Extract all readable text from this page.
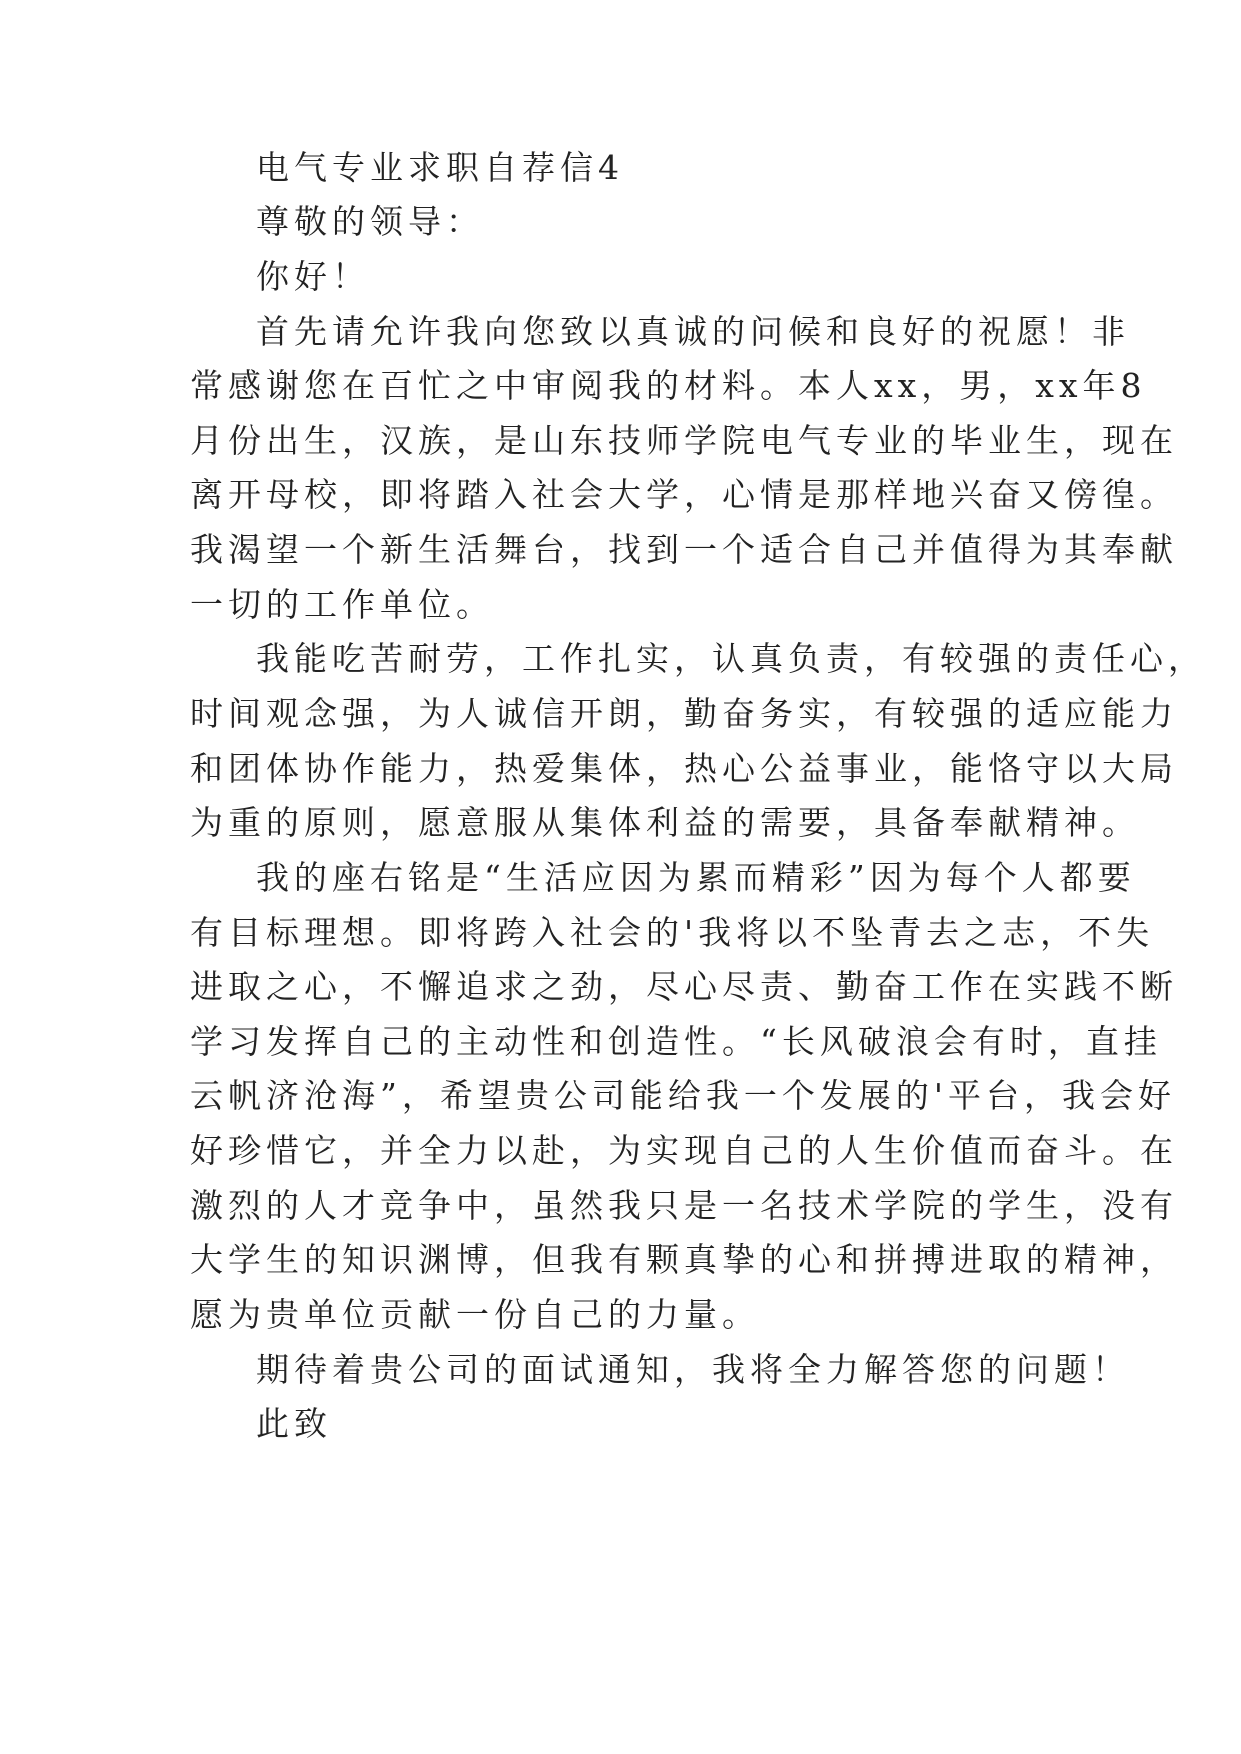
电气专业求职自荐信4
尊敬的领导：
你好！
首先请允许我向您致以真诚的问候和良好的祝愿！非
常感谢您在百忙之中审阅我的材料。本人xx，男，xx年8
月份出生，汉族，是山东技师学院电气专业的毕业生，现在
离开母校，即将踏入社会大学，心情是那样地兴奋又傍徨。
我渴望一个新生活舞台，找到一个适合自己并值得为其奉献
一切的工作单位。
我能吃苦耐劳，工作扎实，认真负责，有较强的责任心，
时间观念强，为人诚信开朗，勤奋务实，有较强的适应能力
和团体协作能力，热爱集体，热心公益事业，能恪守以大局
为重的原则，愿意服从集体利益的需要，具备奉献精神。
我的座右铭是“生活应因为累而精彩”因为每个人都要
有目标理想。即将跨入社会的'我将以不坠青去之志，不失
进取之心，不懈追求之劲，尽心尽责、勤奋工作在实践不断
学习发挥自己的主动性和创造性。“长风破浪会有时，直挂
云帆济沧海”，希望贵公司能给我一个发展的'平台，我会好
好珍惜它，并全力以赴，为实现自己的人生价值而奋斗。在
激烈的人才竞争中，虽然我只是一名技术学院的学生，没有
大学生的知识渊博，但我有颗真挚的心和拼搏进取的精神，
愿为贵单位贡献一份自己的力量。
期待着贵公司的面试通知，我将全力解答您的问题！
此致
